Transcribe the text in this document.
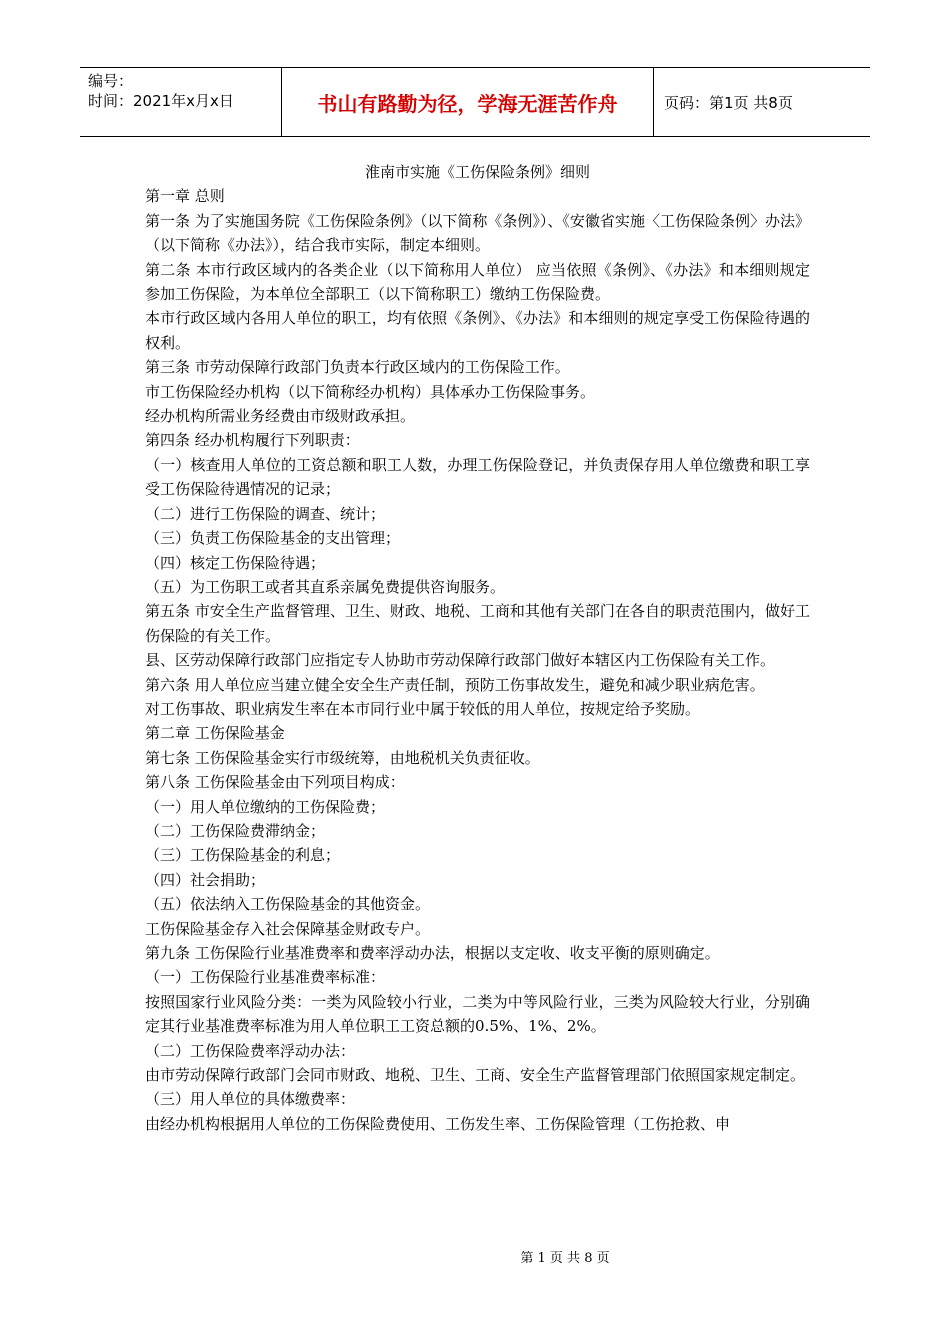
编号：
时间：2021年x月x日	书山有路勤为径，学海无涯苦作舟	页码：第1页 共8页

淮南市实施《工伤保险条例》细则

第一章 总则

第一条 为了实施国务院《工伤保险条例》（以下简称《条例》）、《安徽省实施〈工伤保险条例〉办法》（以下简称《办法》），结合我市实际，制定本细则。

第二条 本市行政区域内的各类企业（以下简称用人单位） 应当依照《条例》、《办法》和本细则规定参加工伤保险，为本单位全部职工（以下简称职工）缴纳工伤保险费。

本市行政区域内各用人单位的职工，均有依照《条例》、《办法》和本细则的规定享受工伤保险待遇的权利。

第三条 市劳动保障行政部门负责本行政区域内的工伤保险工作。

市工伤保险经办机构（以下简称经办机构）具体承办工伤保险事务。

经办机构所需业务经费由市级财政承担。

第四条 经办机构履行下列职责：

（一）核查用人单位的工资总额和职工人数，办理工伤保险登记，并负责保存用人单位缴费和职工享受工伤保险待遇情况的记录；

（二）进行工伤保险的调查、统计；

（三）负责工伤保险基金的支出管理；

（四）核定工伤保险待遇；

（五）为工伤职工或者其直系亲属免费提供咨询服务。

第五条 市安全生产监督管理、卫生、财政、地税、工商和其他有关部门在各自的职责范围内，做好工伤保险的有关工作。

县、区劳动保障行政部门应指定专人协助市劳动保障行政部门做好本辖区内工伤保险有关工作。

第六条 用人单位应当建立健全安全生产责任制，预防工伤事故发生，避免和减少职业病危害。

对工伤事故、职业病发生率在本市同行业中属于较低的用人单位，按规定给予奖励。

第二章 工伤保险基金

第七条 工伤保险基金实行市级统筹，由地税机关负责征收。

第八条 工伤保险基金由下列项目构成：

（一）用人单位缴纳的工伤保险费；

（二）工伤保险费滞纳金；

（三）工伤保险基金的利息；

（四）社会捐助；

（五）依法纳入工伤保险基金的其他资金。

工伤保险基金存入社会保障基金财政专户。

第九条 工伤保险行业基准费率和费率浮动办法，根据以支定收、收支平衡的原则确定。

（一）工伤保险行业基准费率标准：

按照国家行业风险分类：一类为风险较小行业，二类为中等风险行业，三类为风险较大行业，分别确定其行业基准费率标准为用人单位职工工资总额的0.5%、1%、2%。

（二）工伤保险费率浮动办法：

由市劳动保障行政部门会同市财政、地税、卫生、工商、安全生产监督管理部门依照国家规定制定。

（三）用人单位的具体缴费率：

由经办机构根据用人单位的工伤保险费使用、工伤发生率、工伤保险管理（工伤抢救、申

第 1 页 共 8 页
